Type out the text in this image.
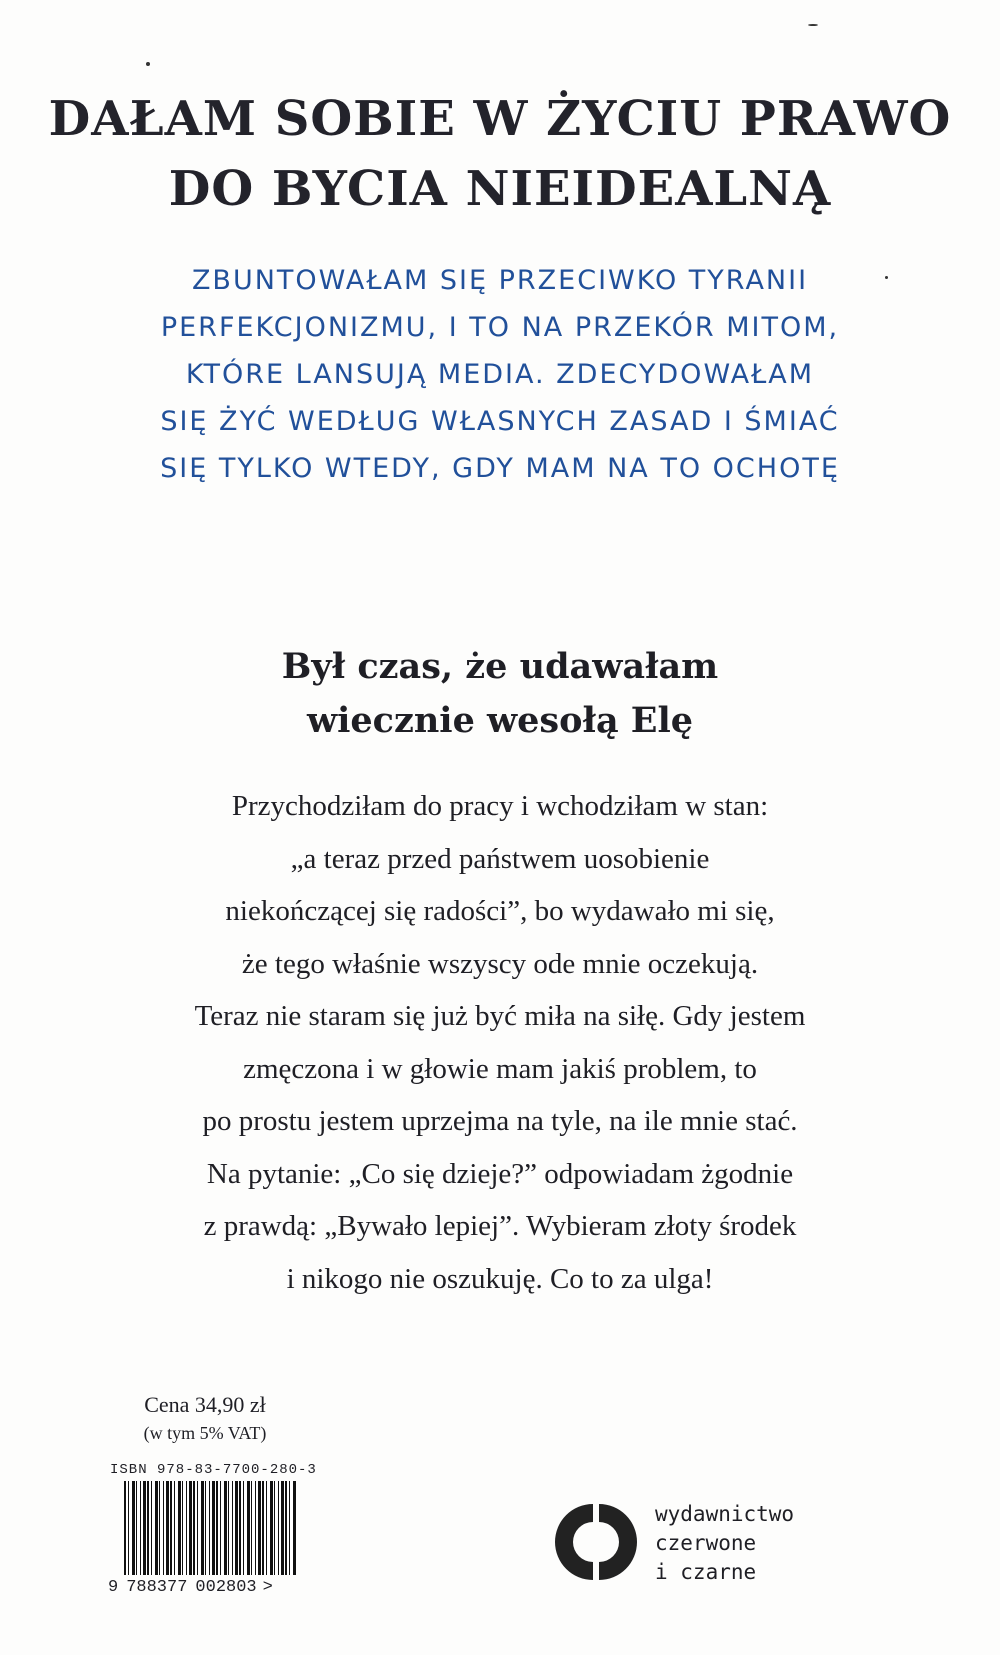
DAŁAM SOBIE W ŻYCIU PRAWO
DO BYCIA NIEIDEALNĄ
ZBUNTOWAŁAM SIĘ PRZECIWKO TYRANII
PERFEKCJONIZMU, I TO NA PRZEKÓR MITOM,
KTÓRE LANSUJĄ MEDIA. ZDECYDOWAŁAM
SIĘ ŻYĆ WEDŁUG WŁASNYCH ZASAD I ŚMIAĆ
SIĘ TYLKO WTEDY, GDY MAM NA TO OCHOTĘ
Był czas, że udawałam
wiecznie wesołą Elę
Przychodziłam do pracy i wchodziłam w stan:
„a teraz przed państwem uosobienie
niekończącej się radości”, bo wydawało mi się,
że tego właśnie wszyscy ode mnie oczekują.
Teraz nie staram się już być miła na siłę. Gdy jestem
zmęczona i w głowie mam jakiś problem, to
po prostu jestem uprzejma na tyle, na ile mnie stać.
Na pytanie: „Co się dzieje?” odpowiadam żgodnie
z prawdą: „Bywało lepiej”. Wybieram złoty środek
i nikogo nie oszukuję. Co to za ulga!
Cena 34,90 zł
(w tym 5% VAT)
ISBN 978-83-7700-280-3
9 788377 002803 >
wydawnictwo
czerwone
i czarne
